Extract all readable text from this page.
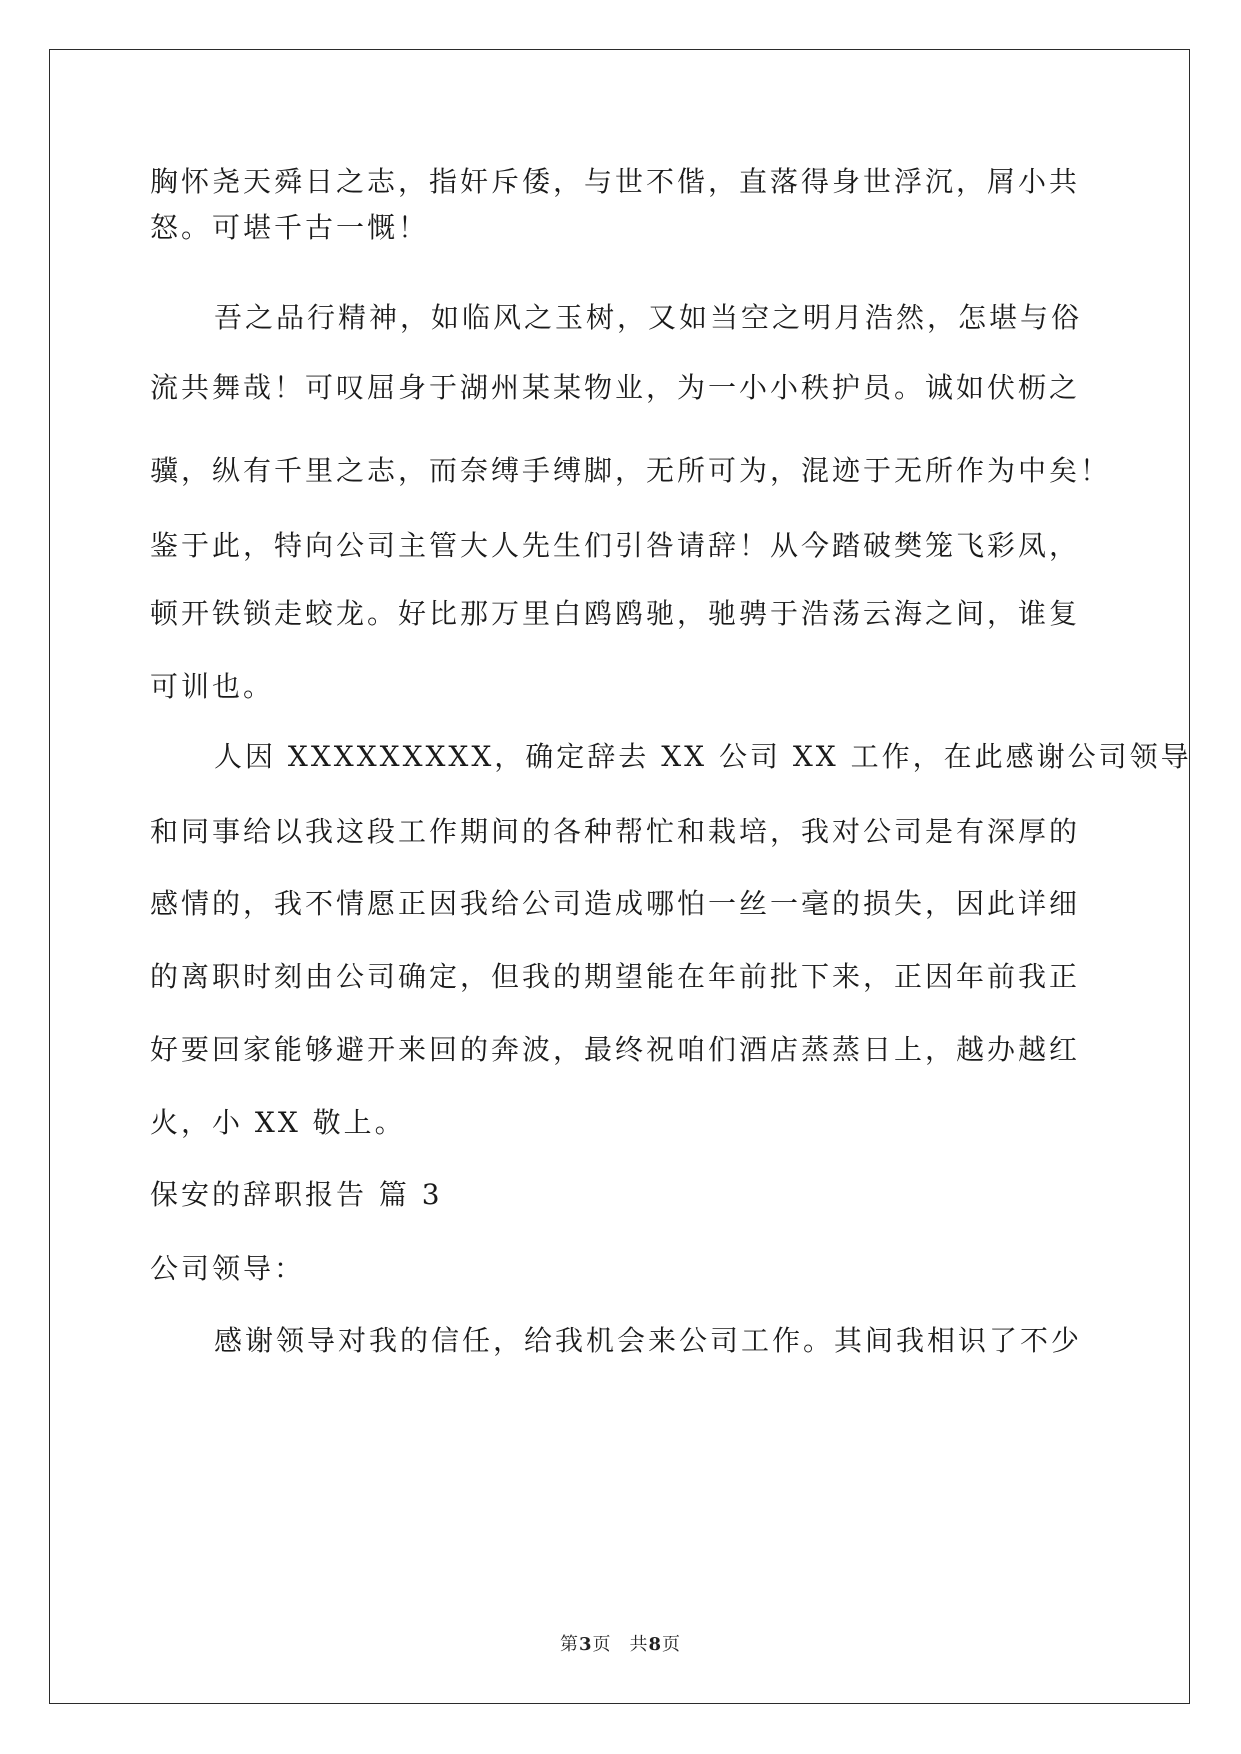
胸怀尧天舜日之志，指奸斥倭，与世不偕，直落得身世浮沉，屑小共
怒。可堪千古一慨！
吾之品行精神，如临风之玉树，又如当空之明月浩然，怎堪与俗
流共舞哉！可叹屈身于湖州某某物业，为一小小秩护员。诚如伏枥之
骥，纵有千里之志，而奈缚手缚脚，无所可为，混迹于无所作为中矣！
鉴于此，特向公司主管大人先生们引咎请辞！从今踏破樊笼飞彩凤，
顿开铁锁走蛟龙。好比那万里白鸥鸥驰，驰骋于浩荡云海之间，谁复
可训也。
人因 XXXXXXXXX，确定辞去 XX 公司 XX 工作，在此感谢公司领导
和同事给以我这段工作期间的各种帮忙和栽培，我对公司是有深厚的
感情的，我不情愿正因我给公司造成哪怕一丝一毫的损失，因此详细
的离职时刻由公司确定，但我的期望能在年前批下来，正因年前我正
好要回家能够避开来回的奔波，最终祝咱们酒店蒸蒸日上，越办越红
火，小 XX 敬上。
保安的辞职报告 篇 3
公司领导：
感谢领导对我的信任，给我机会来公司工作。其间我相识了不少
第3页 共8页
